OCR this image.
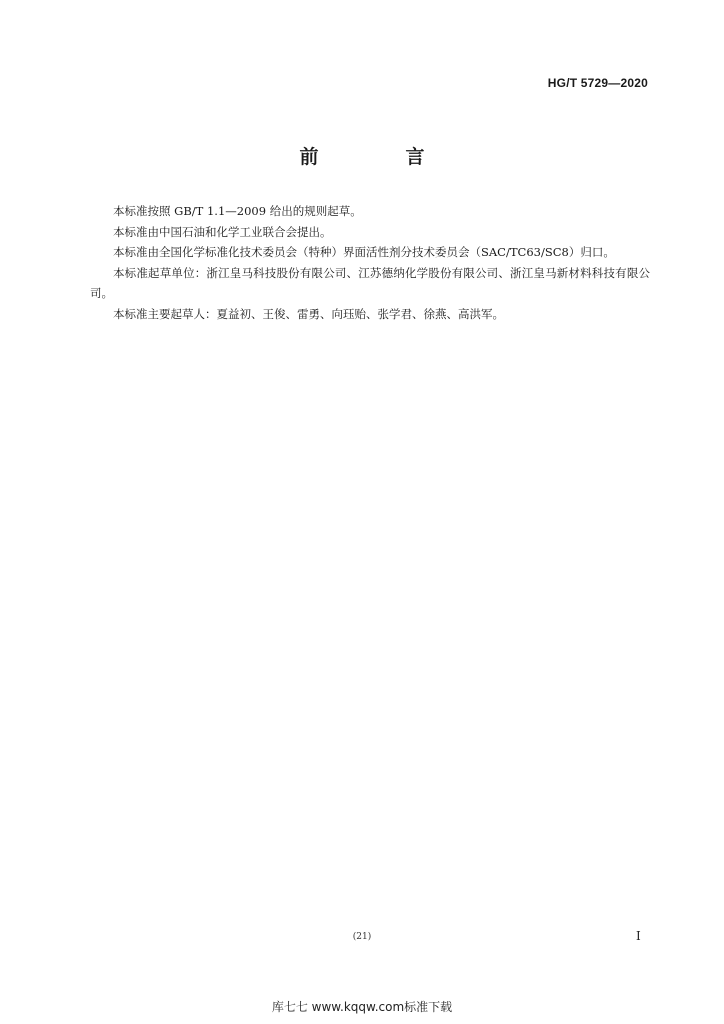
HG/T 5729—2020
前　言

本标准按照 GB/T 1.1—2009 给出的规则起草。

本标准由中国石油和化学工业联合会提出。

本标准由全国化学标准化技术委员会（特种）界面活性剂分技术委员会（SAC/TC63/SC8）归口。

本标准起草单位：浙江皇马科技股份有限公司、江苏德纳化学股份有限公司、浙江皇马新材料科技有限公司。

本标准主要起草人：夏益初、王俊、雷勇、向珏贻、张学君、徐燕、高洪军。

(21)	I
库七七 www.kqqw.com标准下载
